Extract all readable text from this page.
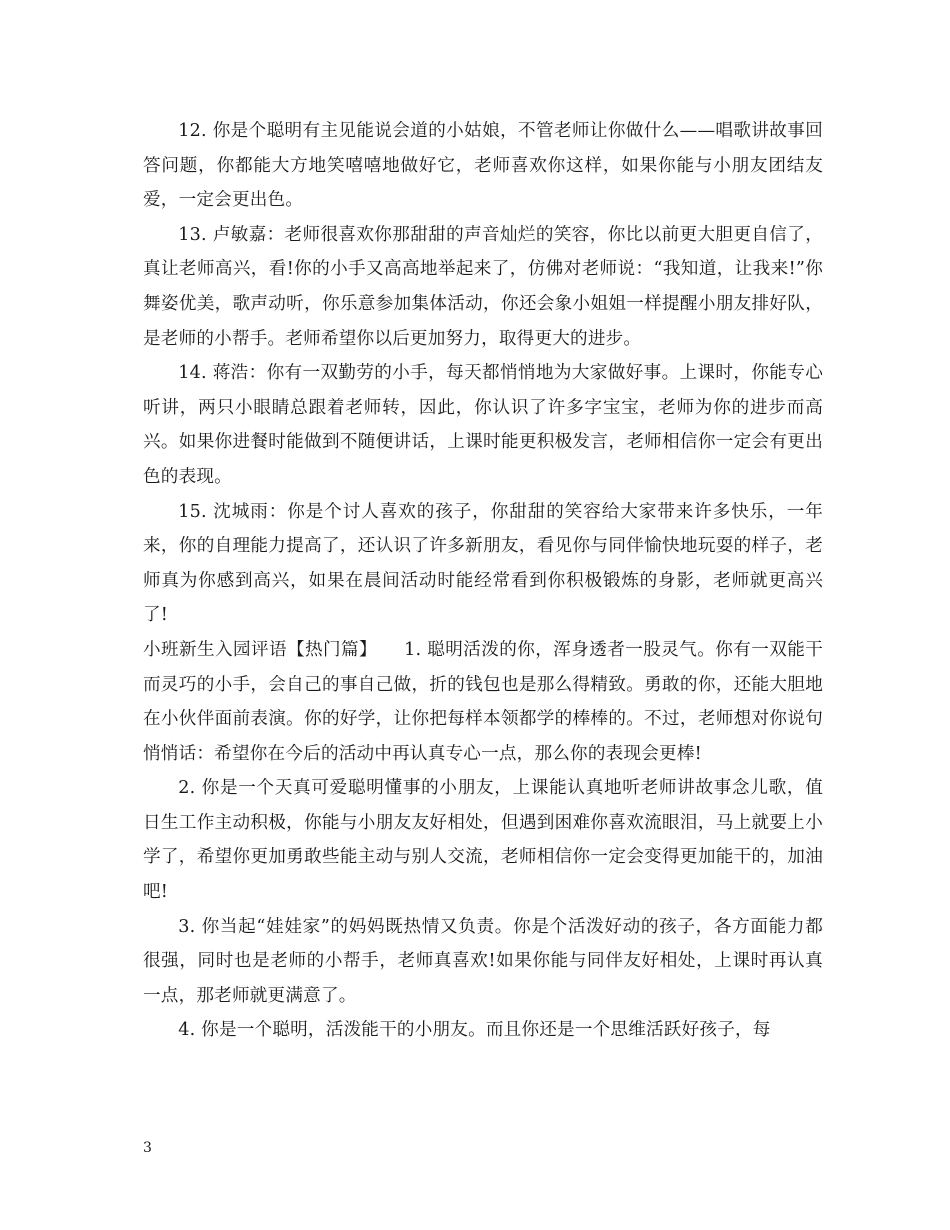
12. 你是个聪明有主见能说会道的小姑娘，不管老师让你做什么——唱歌讲故事回答问题，你都能大方地笑嘻嘻地做好它，老师喜欢你这样，如果你能与小朋友团结友爱，一定会更出色。

13. 卢敏嘉：老师很喜欢你那甜甜的声音灿烂的笑容，你比以前更大胆更自信了，真让老师高兴，看!你的小手又高高地举起来了，仿佛对老师说：“我知道，让我来!”你舞姿优美，歌声动听，你乐意参加集体活动，你还会象小姐姐一样提醒小朋友排好队，是老师的小帮手。老师希望你以后更加努力，取得更大的进步。

14. 蒋浩：你有一双勤劳的小手，每天都悄悄地为大家做好事。上课时，你能专心听讲，两只小眼睛总跟着老师转，因此，你认识了许多字宝宝，老师为你的进步而高兴。如果你进餐时能做到不随便讲话，上课时能更积极发言，老师相信你一定会有更出色的表现。

15. 沈城雨：你是个讨人喜欢的孩子，你甜甜的笑容给大家带来许多快乐，一年来，你的自理能力提高了，还认识了许多新朋友，看见你与同伴愉快地玩耍的样子，老师真为你感到高兴，如果在晨间活动时能经常看到你积极锻炼的身影，老师就更高兴了!

小班新生入园评语【热门篇】　　1. 聪明活泼的你，浑身透者一股灵气。你有一双能干而灵巧的小手，会自己的事自己做，折的钱包也是那么得精致。勇敢的你，还能大胆地在小伙伴面前表演。你的好学，让你把每样本领都学的棒棒的。不过，老师想对你说句悄悄话：希望你在今后的活动中再认真专心一点，那么你的表现会更棒!

2. 你是一个天真可爱聪明懂事的小朋友，上课能认真地听老师讲故事念儿歌，值日生工作主动积极，你能与小朋友友好相处，但遇到困难你喜欢流眼泪，马上就要上小学了，希望你更加勇敢些能主动与别人交流，老师相信你一定会变得更加能干的，加油吧!

3. 你当起“娃娃家”的妈妈既热情又负责。你是个活泼好动的孩子，各方面能力都很强，同时也是老师的小帮手，老师真喜欢!如果你能与同伴友好相处，上课时再认真一点，那老师就更满意了。

4. 你是一个聪明，活泼能干的小朋友。而且你还是一个思维活跃好孩子，每

3
